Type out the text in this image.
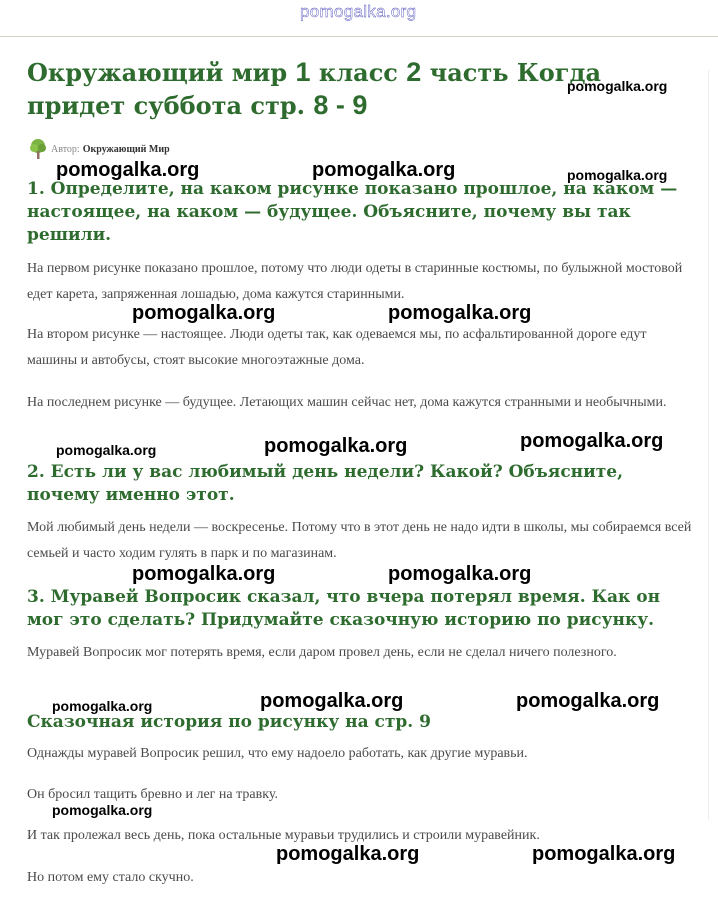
pomogalka.org
Окружающий мир 1 класс 2 часть Когда придет суббота стр. 8 - 9
Автор: Окружающий Мир
1. Определите, на каком рисунке показано прошлое, на каком — настоящее, на каком — будущее. Объясните, почему вы так решили.

На первом рисунке показано прошлое, потому что люди одеты в старинные костюмы, по булыжной мостовой едет карета, запряженная лошадью, дома кажутся старинными.

На втором рисунке — настоящее. Люди одеты так, как одеваемся мы, по асфальтированной дороге едут машины и автобусы, стоят высокие многоэтажные дома.

На последнем рисунке — будущее. Летающих машин сейчас нет, дома кажутся странными и необычными.

2. Есть ли у вас любимый день недели? Какой? Объясните, почему именно этот.

Мой любимый день недели — воскресенье. Потому что в этот день не надо идти в школы, мы собираемся всей семьей и часто ходим гулять в парк и по магазинам.

3. Муравей Вопросик сказал, что вчера потерял время. Как он мог это сделать? Придумайте сказочную историю по рисунку.

Муравей Вопросик мог потерять время, если даром провел день, если не сделал ничего полезного.

Сказочная история по рисунку на стр. 9

Однажды муравей Вопросик решил, что ему надоело работать, как другие муравьи.

Он бросил тащить бревно и лег на травку.

И так пролежал весь день, пока остальные муравьи трудились и строили муравейник.

Но потом ему стало скучно.

pomogalka.org
pomogalka.org	pomogalka.org	pomogalka.org
pomogalka.org	pomogalka.org
pomogalka.org	pomogalka.org	pomogalka.org
pomogalka.org	pomogalka.org
pomogalka.org	pomogalka.org	pomogalka.org
pomogalka.org
pomogalka.org	pomogalka.org
